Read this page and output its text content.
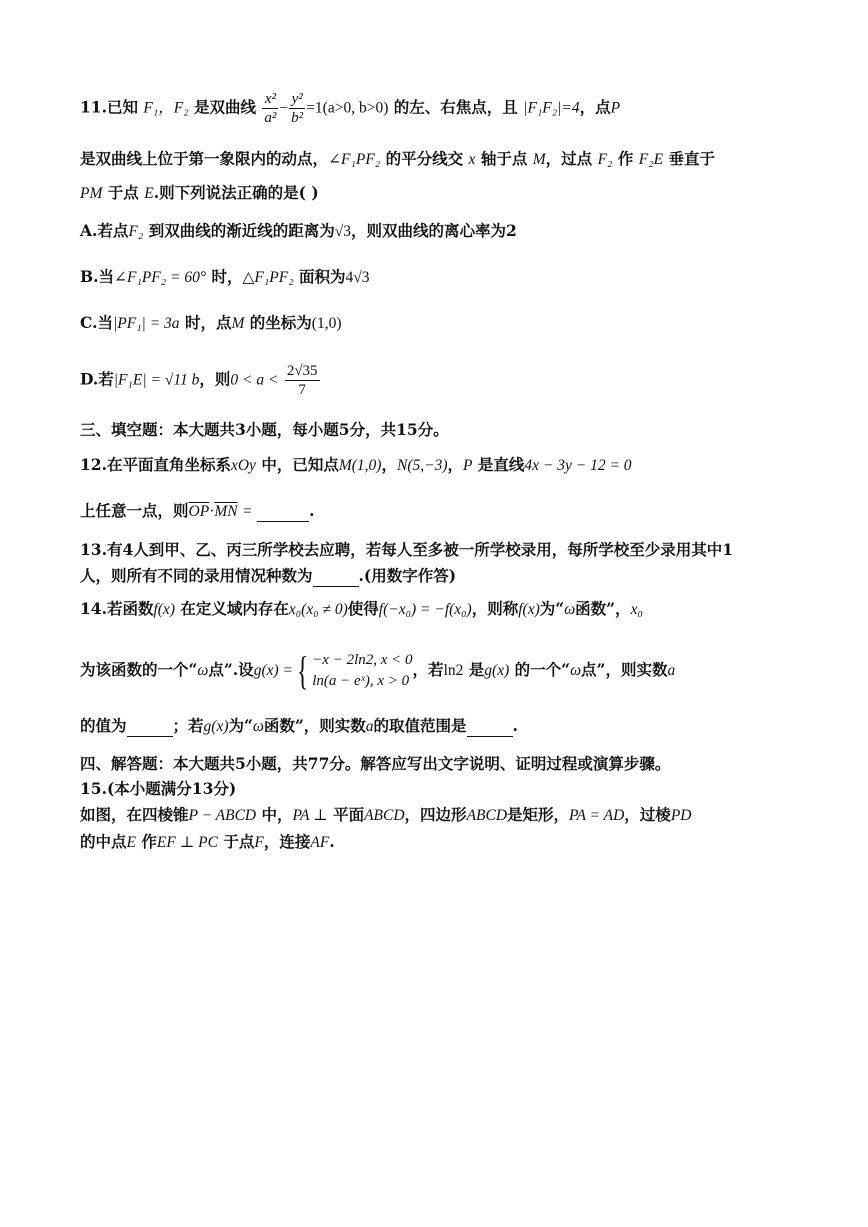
11.已知 F₁，F₂ 是双曲线 $\frac{\text{x²}}{\text{a²}} - \frac{\text{y²}}{\text{b²}} =1(a>0$, b>0) 的左、右焦点，且 |F₁F₂|=4，点P
是双曲线上位于第一象限内的动点，∠F₁PF₂ 的平分线交 x 轴于点 M，过点 F₂ 作 F₂E 垂直于
PM 于点 E.则下列说法正确的是( )
A.若点F₂ 到双曲线的渐近线的距离为√3，则双曲线的离心率为2
B.当∠F₁PF₂ = 60° 时，△F₁PF₂ 面积为4√3
C.当|PF₁| = 3a 时，点M 的坐标为(1,0)
D.若|F₁E| = √11 b，则$0 < a < \frac{2√35}{7}$
三、填空题：本大题共3小题，每小题5分，共15分。
12.在平面直角坐标系xOy 中，已知点M(1,0)，N(5,−3)，P 是直线4x − 3y − 12 = 0
上任意一点，则$\overline{OP}\cdot\overline{MN}$ =	.
13.有4人到甲、乙、丙三所学校去应聘，若每人至多被一所学校录用，每所学校至少录用其中1
人，则所有不同的录用情况种数为	.(用数字作答)
14.若函数f(x) 在定义域内存在x₀(x₀ ≠ 0)使得f(−x₀) = −f(x₀)，则称f(x)为“ω函数”，x₀
为该函数的一个“ω点”.设g(x) ={ −x − 2ln2, x < 0
ln(a − eˣ), x > 0
，若ln2 是g(x) 的一个“ω点”，则实数a
的值为	；若g(x)为“ω函数”，则实数a的取值范围是	.
四、解答题：本大题共5小题，共77分。解答应写出文字说明、证明过程或演算步骤。
15.(本小题满分13分)
如图，在四棱锥P − ABCD 中，PA ⊥ 平面ABCD，四边形ABCD是矩形，PA = AD，过棱PD
的中点E 作EF ⊥ PC 于点F，连接AF.
